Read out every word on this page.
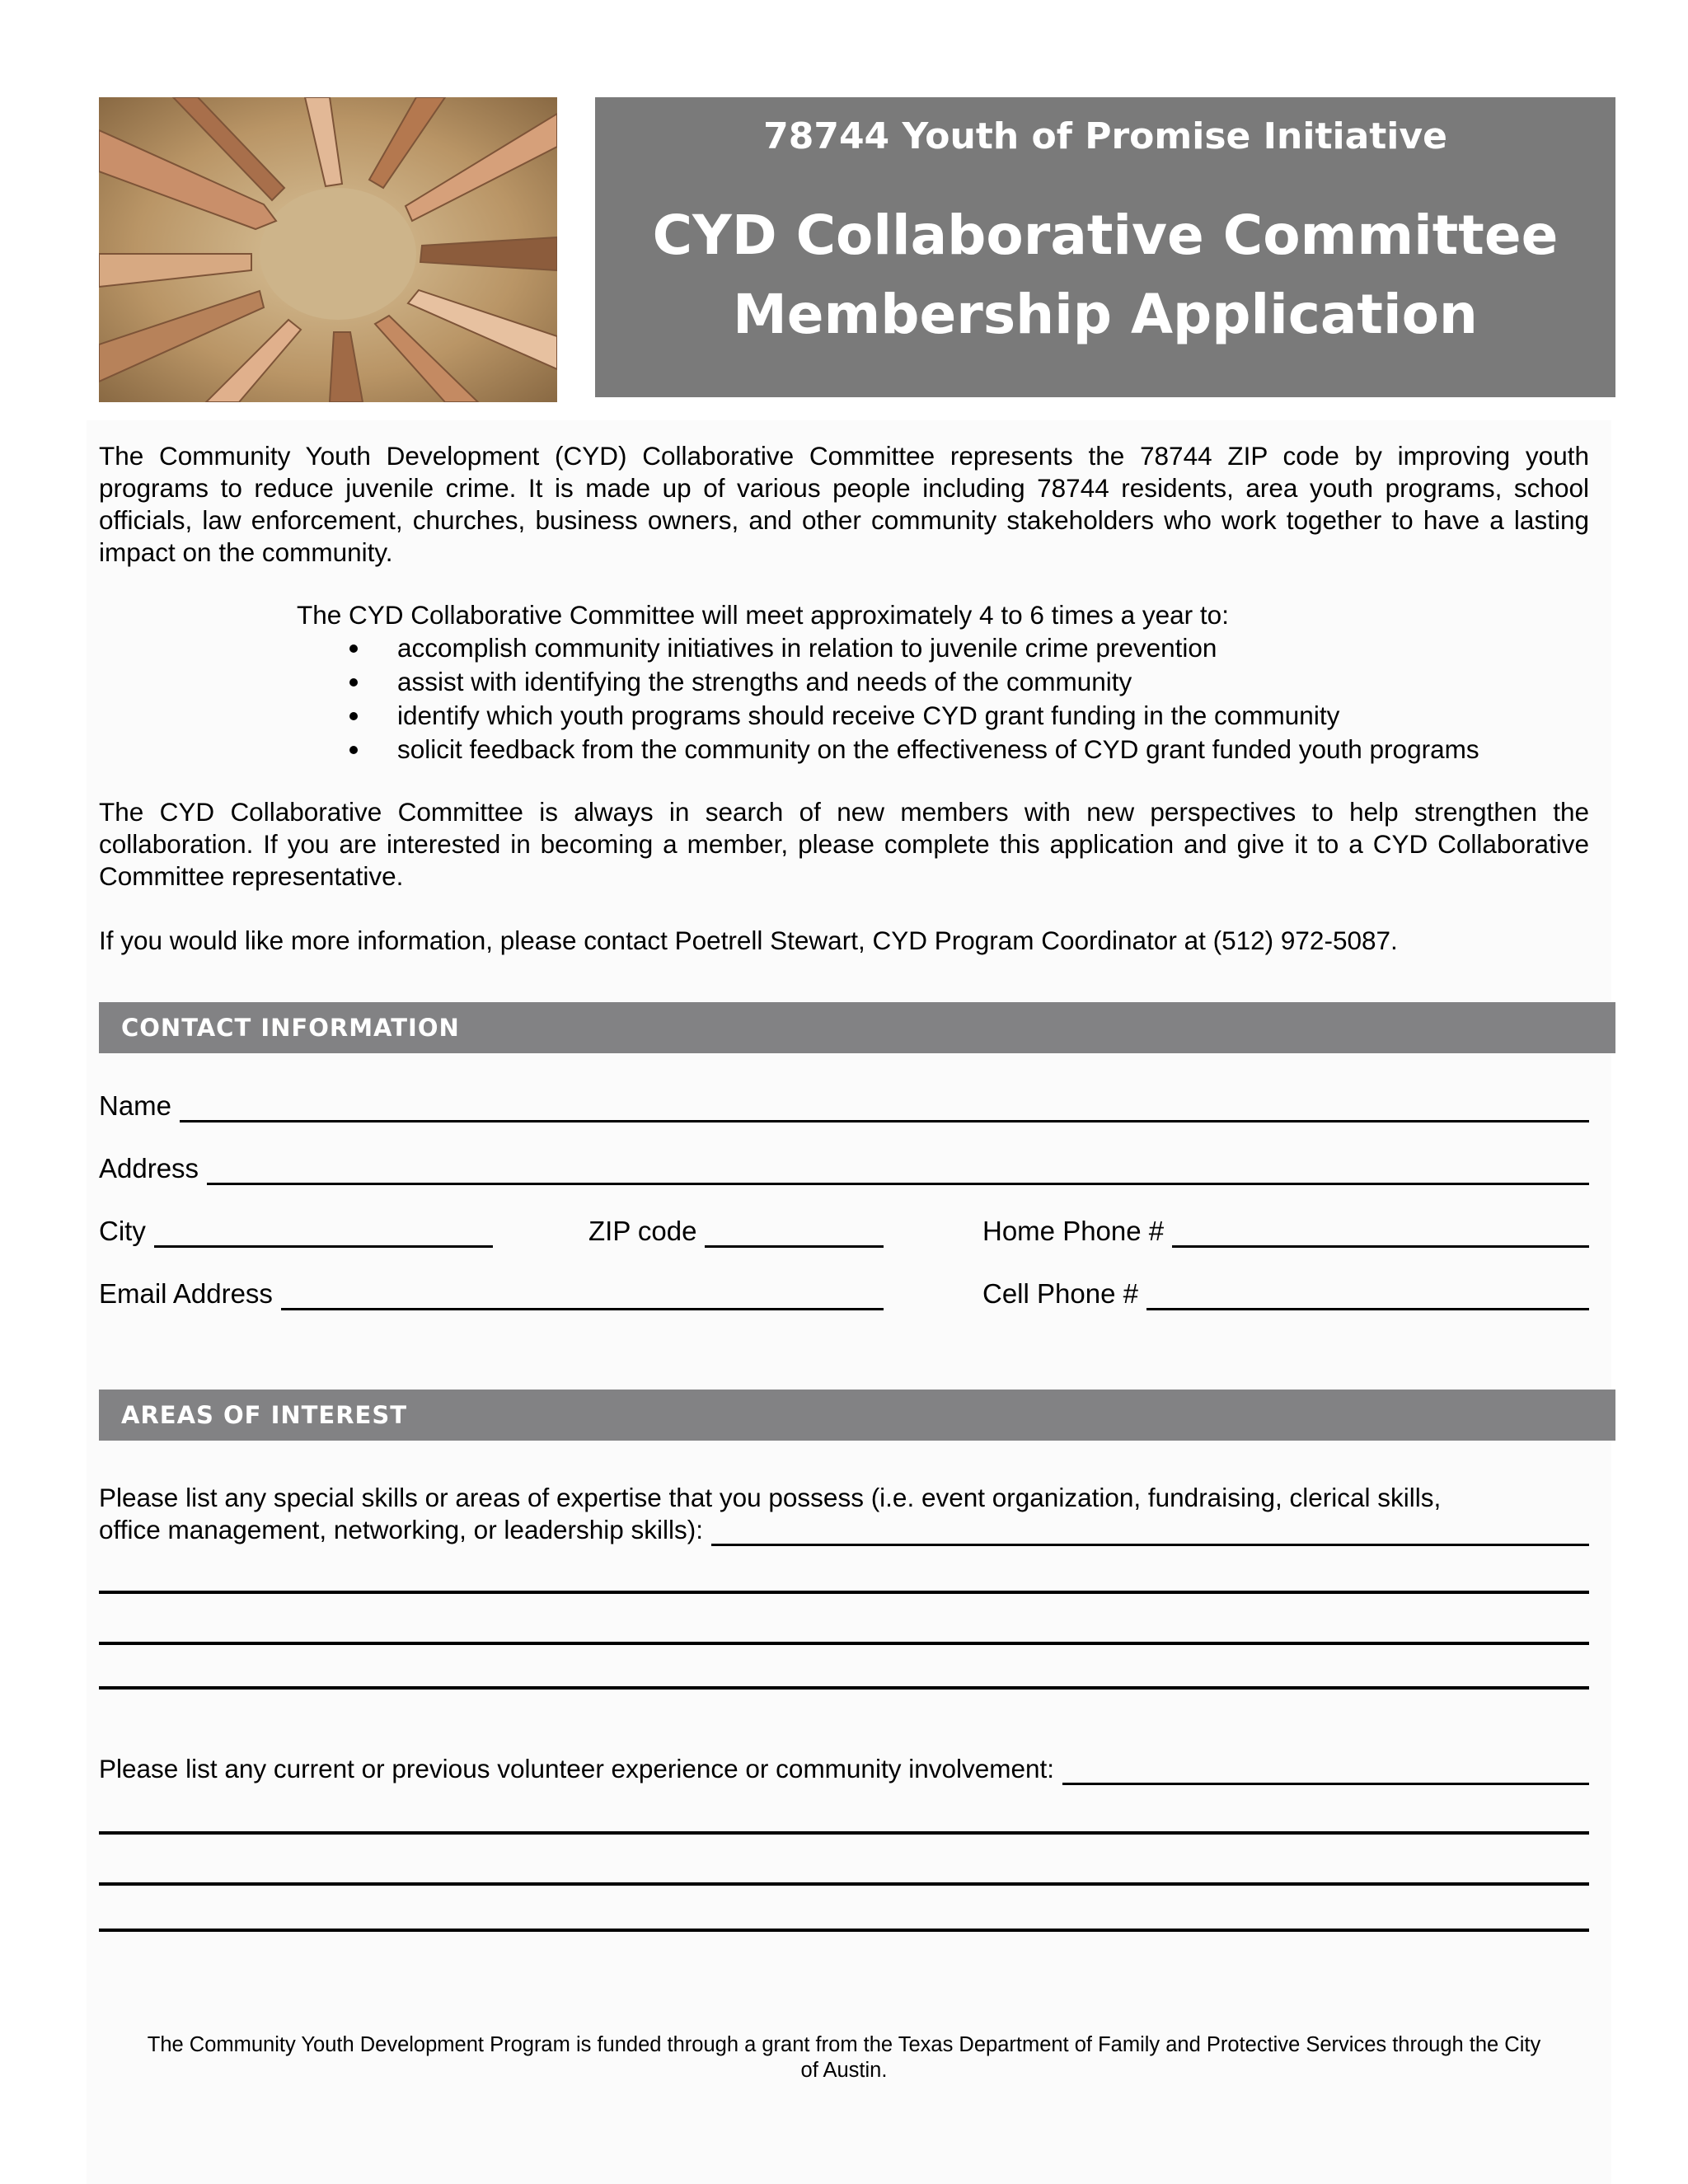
78744 Youth of Promise Initiative
CYD Collaborative Committee
Membership Application
The Community Youth Development (CYD) Collaborative Committee represents the 78744 ZIP code by improving youth programs to reduce juvenile crime. It is made up of various people including 78744 residents, area youth programs, school officials, law enforcement, churches, business owners, and other community stakeholders who work together to have a lasting impact on the community.
The CYD Collaborative Committee will meet approximately 4 to 6 times a year to:
accomplish community initiatives in relation to juvenile crime prevention
assist with identifying the strengths and needs of the community
identify which youth programs should receive CYD grant funding in the community
solicit feedback from the community on the effectiveness of CYD grant funded youth programs
The CYD Collaborative Committee is always in search of new members with new perspectives to help strengthen the collaboration. If you are interested in becoming a member, please complete this application and give it to a CYD Collaborative Committee representative.
If you would like more information, please contact Poetrell Stewart, CYD Program Coordinator at (512) 972-5087.
CONTACT INFORMATION
Name
Address
City	ZIP code	Home Phone #
Email Address	Cell Phone #
AREAS OF INTEREST
Please list any special skills or areas of expertise that you possess (i.e. event organization, fundraising, clerical skills,
office management, networking, or leadership skills):
Please list any current or previous volunteer experience or community involvement:
The Community Youth Development Program is funded through a grant from the Texas Department of Family and Protective Services through the City
of Austin.
